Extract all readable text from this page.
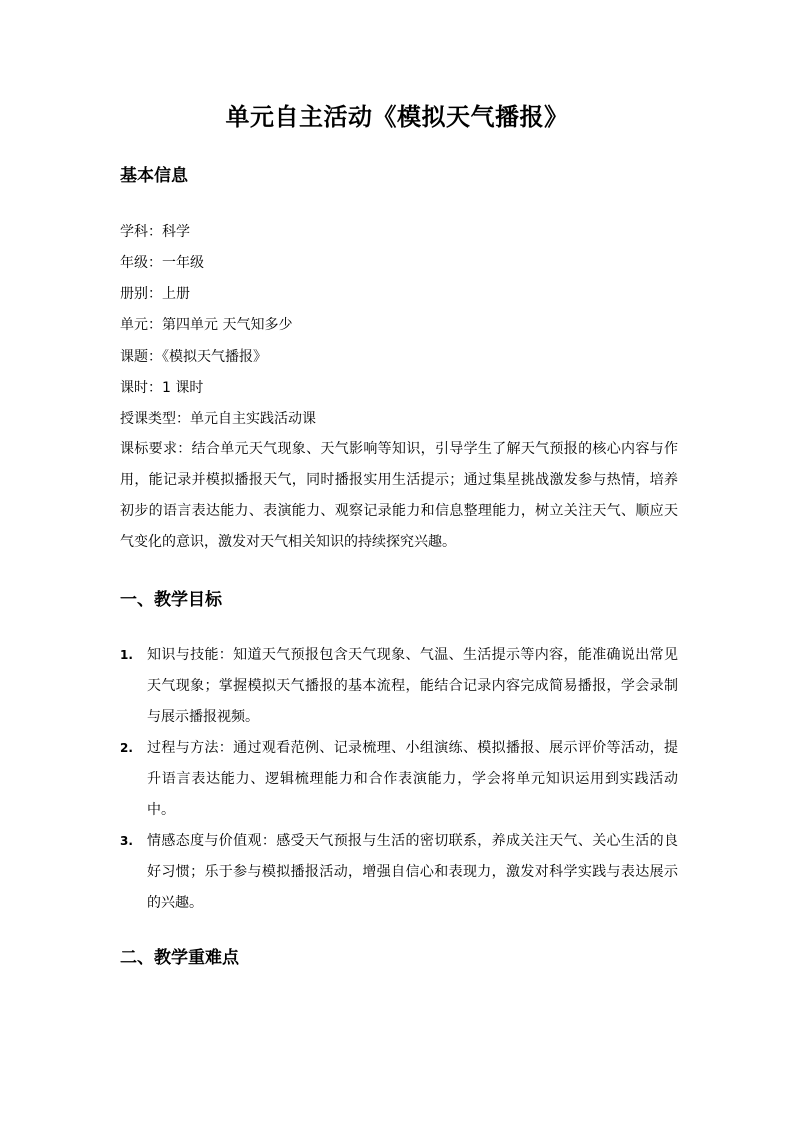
单元自主活动《模拟天气播报》
基本信息
学科：科学
年级：一年级
册别：上册
单元：第四单元 天气知多少
课题：《模拟天气播报》
课时：1 课时
授课类型：单元自主实践活动课
课标要求：结合单元天气现象、天气影响等知识，引导学生了解天气预报的核心内容与作用，能记录并模拟播报天气，同时播报实用生活提示；通过集星挑战激发参与热情，培养初步的语言表达能力、表演能力、观察记录能力和信息整理能力，树立关注天气、顺应天气变化的意识，激发对天气相关知识的持续探究兴趣。
一、教学目标
1. 知识与技能：知道天气预报包含天气现象、气温、生活提示等内容，能准确说出常见天气现象；掌握模拟天气播报的基本流程，能结合记录内容完成简易播报，学会录制与展示播报视频。
2. 过程与方法：通过观看范例、记录梳理、小组演练、模拟播报、展示评价等活动，提升语言表达能力、逻辑梳理能力和合作表演能力，学会将单元知识运用到实践活动中。
3. 情感态度与价值观：感受天气预报与生活的密切联系，养成关注天气、关心生活的良好习惯；乐于参与模拟播报活动，增强自信心和表现力，激发对科学实践与表达展示的兴趣。
二、教学重难点
